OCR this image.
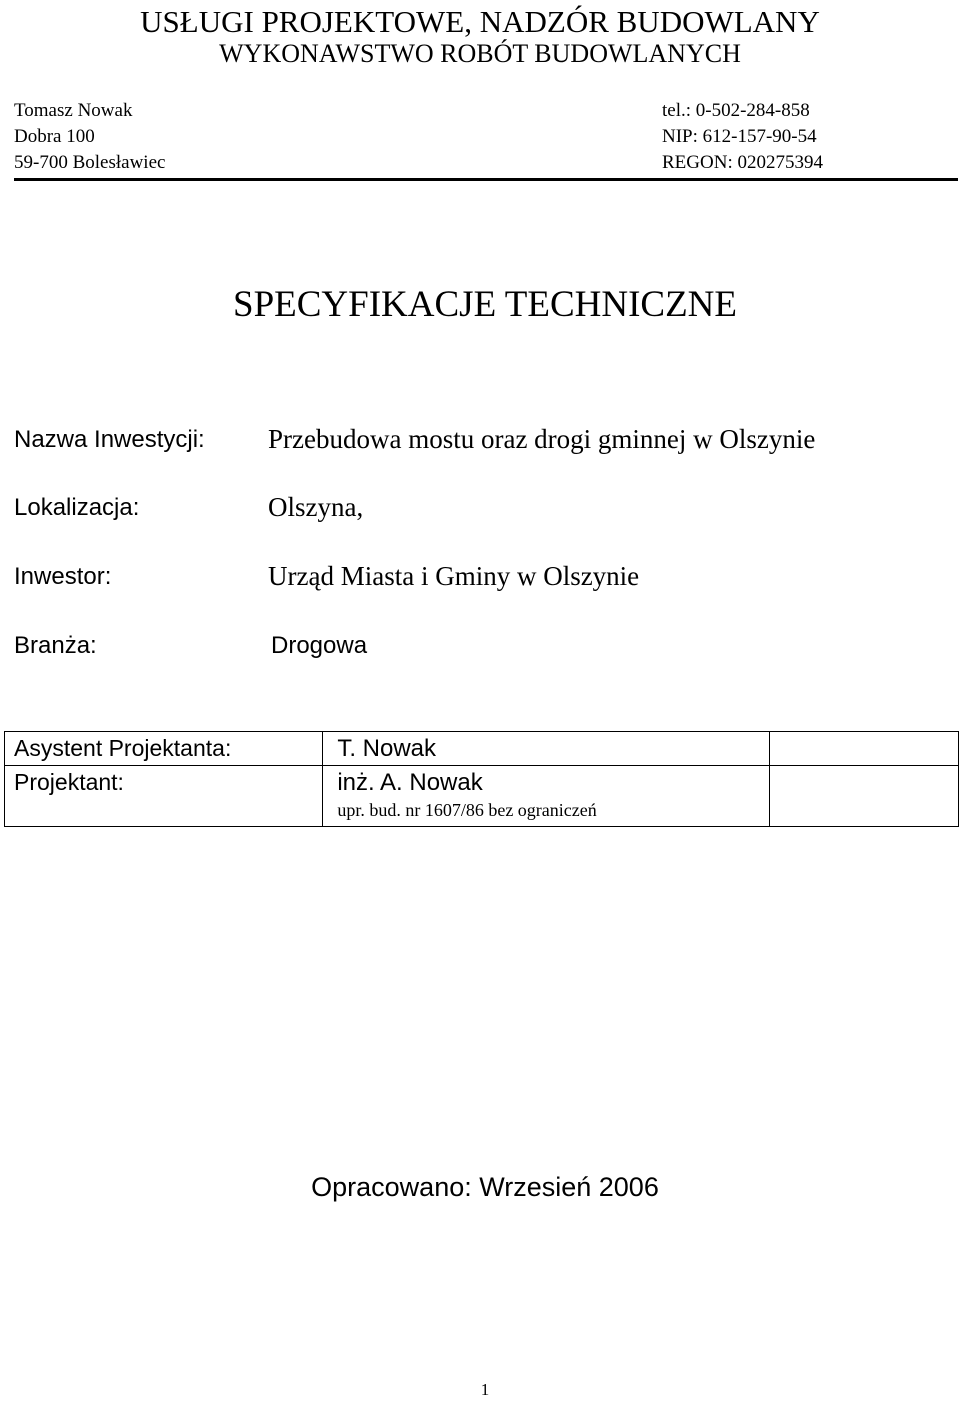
USŁUGI PROJEKTOWE, NADZÓR BUDOWLANY
WYKONAWSTWO ROBÓT BUDOWLANYCH
Tomasz Nowak
Dobra 100
59-700 Bolesławiec
tel.: 0-502-284-858
NIP: 612-157-90-54
REGON: 020275394
SPECYFIKACJE TECHNICZNE
Nazwa Inwestycji: Przebudowa mostu oraz drogi gminnej w Olszynie
Lokalizacja:	Olszyna,
Inwestor:	Urząd Miasta i Gminy w Olszynie
Branża:	Drogowa
Asystent Projektanta:	T. Nowak	

Projektant:	inż. A. Nowak
upr. bud. nr 1607/86 bez ograniczeń	

Opracowano: Wrzesień 2006
1
